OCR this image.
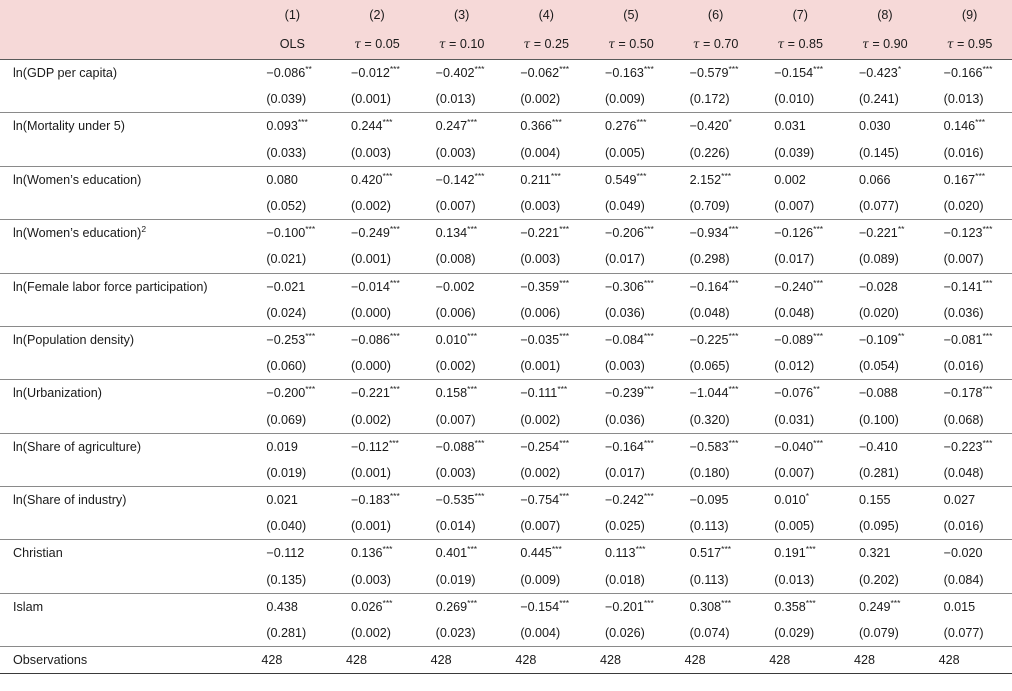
	(1)	(2)	(3)	(4)	(5)	(6)	(7)	(8)	(9)
	OLS	τ = 0.05	τ = 0.10	τ = 0.25	τ = 0.50	τ = 0.70	τ = 0.85	τ = 0.90	τ = 0.95
ln(GDP per capita)	−0.086**	−0.012***	−0.402***	−0.062***	−0.163***	−0.579***	−0.154***	−0.423*	−0.166***
	(0.039)	(0.001)	(0.013)	(0.002)	(0.009)	(0.172)	(0.010)	(0.241)	(0.013)
ln(Mortality under 5)	0.093***	0.244***	0.247***	0.366***	0.276***	−0.420*	0.031	0.030	0.146***
	(0.033)	(0.003)	(0.003)	(0.004)	(0.005)	(0.226)	(0.039)	(0.145)	(0.016)
ln(Women’s education)	0.080	0.420***	−0.142***	0.211***	0.549***	2.152***	0.002	0.066	0.167***
	(0.052)	(0.002)	(0.007)	(0.003)	(0.049)	(0.709)	(0.007)	(0.077)	(0.020)
ln(Women’s education)$^2$	−0.100***	−0.249***	0.134***	−0.221***	−0.206***	−0.934***	−0.126***	−0.221**	−0.123***
	(0.021)	(0.001)	(0.008)	(0.003)	(0.017)	(0.298)	(0.017)	(0.089)	(0.007)
ln(Female labor force participation)	−0.021	−0.014***	−0.002	−0.359***	−0.306***	−0.164***	−0.240***	−0.028	−0.141***
	(0.024)	(0.000)	(0.006)	(0.006)	(0.036)	(0.048)	(0.048)	(0.020)	(0.036)
ln(Population density)	−0.253***	−0.086***	0.010***	−0.035***	−0.084***	−0.225***	−0.089***	−0.109**	−0.081***
	(0.060)	(0.000)	(0.002)	(0.001)	(0.003)	(0.065)	(0.012)	(0.054)	(0.016)
ln(Urbanization)	−0.200***	−0.221***	0.158***	−0.111***	−0.239***	−1.044***	−0.076**	−0.088	−0.178***
	(0.069)	(0.002)	(0.007)	(0.002)	(0.036)	(0.320)	(0.031)	(0.100)	(0.068)
ln(Share of agriculture)	0.019	−0.112***	−0.088***	−0.254***	−0.164***	−0.583***	−0.040***	−0.410	−0.223***
	(0.019)	(0.001)	(0.003)	(0.002)	(0.017)	(0.180)	(0.007)	(0.281)	(0.048)
ln(Share of industry)	0.021	−0.183***	−0.535***	−0.754***	−0.242***	−0.095	0.010*	0.155	0.027
	(0.040)	(0.001)	(0.014)	(0.007)	(0.025)	(0.113)	(0.005)	(0.095)	(0.016)
Christian	−0.112	0.136***	0.401***	0.445***	0.113***	0.517***	0.191***	0.321	−0.020
	(0.135)	(0.003)	(0.019)	(0.009)	(0.018)	(0.113)	(0.013)	(0.202)	(0.084)
Islam	0.438	0.026***	0.269***	−0.154***	−0.201***	0.308***	0.358***	0.249***	0.015
	(0.281)	(0.002)	(0.023)	(0.004)	(0.026)	(0.074)	(0.029)	(0.079)	(0.077)
Observations	428	428	428	428	428	428	428	428	428
